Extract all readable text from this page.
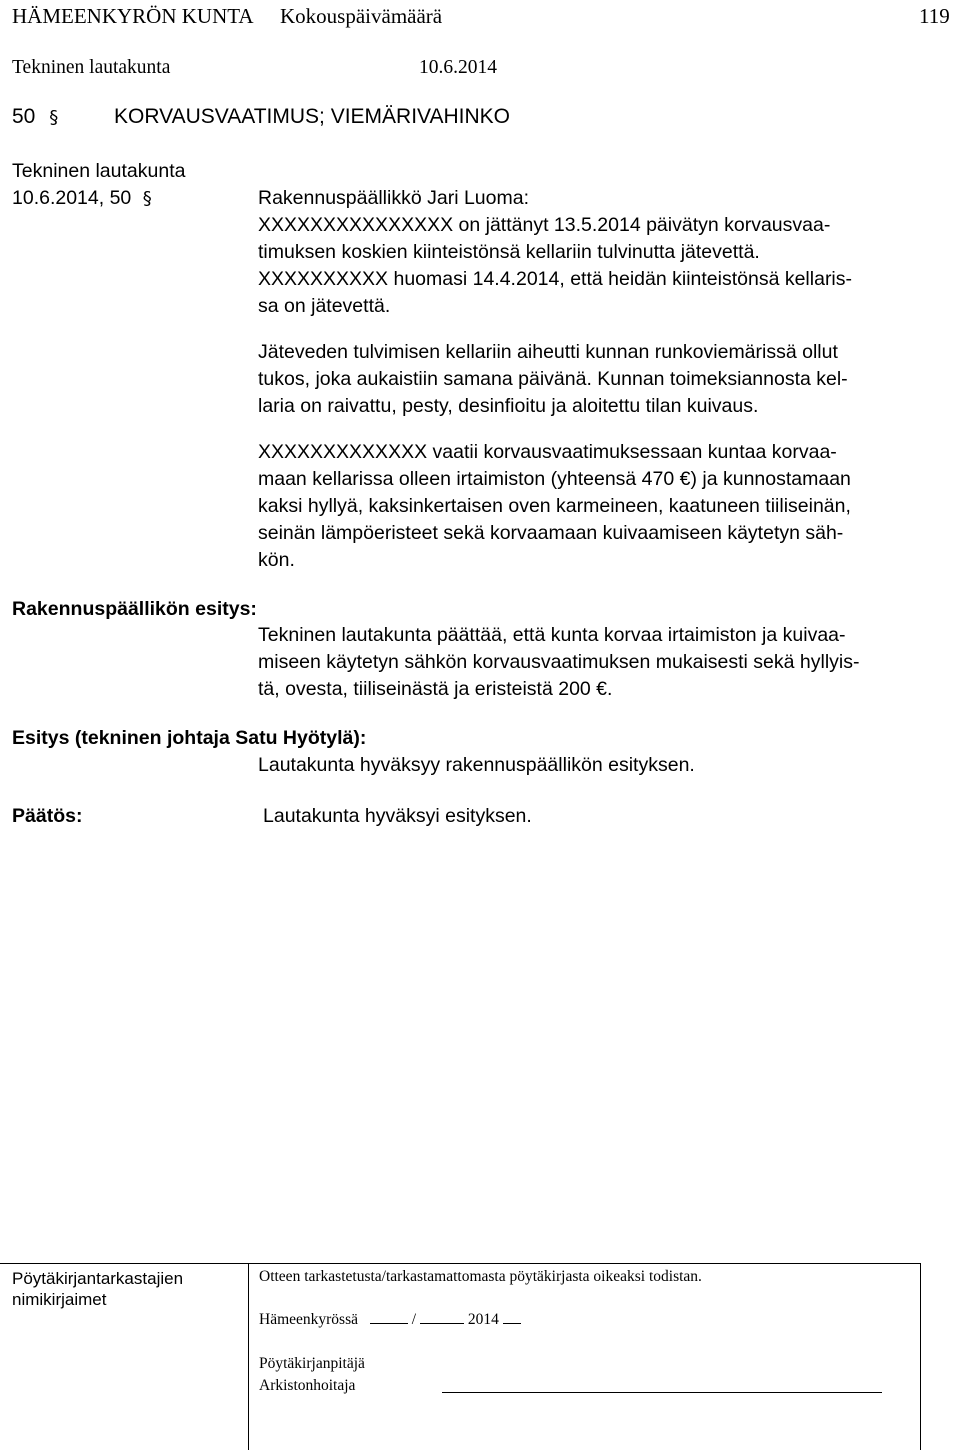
HÄMEENKYRÖN KUNTA Kokouspäivämäärä	119
Tekninen lautakunta	10.6.2014
50 §	KORVAUSVAATIMUS; VIEMÄRIVAHINKO
Tekninen lautakunta
10.6.2014, 50 §	Rakennuspäällikkö Jari Luoma:
XXXXXXXXXXXXXXX on jättänyt 13.5.2014 päivätyn korvausvaa-
timuksen koskien kiinteistönsä kellariin tulvinutta jätevettä.
XXXXXXXXXX huomasi 14.4.2014, että heidän kiinteistönsä kellaris-
sa on jätevettä.
Jäteveden tulvimisen kellariin aiheutti kunnan runkoviemärissä ollut
tukos, joka aukaistiin samana päivänä. Kunnan toimeksiannosta kel-
laria on raivattu, pesty, desinfioitu ja aloitettu tilan kuivaus.
XXXXXXXXXXXXX vaatii korvausvaatimuksessaan kuntaa korvaa-
maan kellarissa olleen irtaimiston (yhteensä 470 €) ja kunnostamaan
kaksi hyllyä, kaksinkertaisen oven karmeineen, kaatuneen tiiliseinän,
seinän lämpöeristeet sekä korvaamaan kuivaamiseen käytetyn säh-
kön.
Rakennuspäällikön esitys:
Tekninen lautakunta päättää, että kunta korvaa irtaimiston ja kuivaa-
miseen käytetyn sähkön korvausvaatimuksen mukaisesti sekä hyllyis-
tä, ovesta, tiiliseinästä ja eristeistä 200 €.
Esitys (tekninen johtaja Satu Hyötylä):
Lautakunta hyväksyy rakennuspäällikön esityksen.
Päätös:	Lautakunta hyväksyi esityksen.
Pöytäkirjantarkastajien
nimikirjaimet
Otteen tarkastetusta/tarkastamattomasta pöytäkirjasta oikeaksi todistan.
Hämeenkyrössä	/	2014
Pöytäkirjanpitäjä
Arkistonhoitaja
